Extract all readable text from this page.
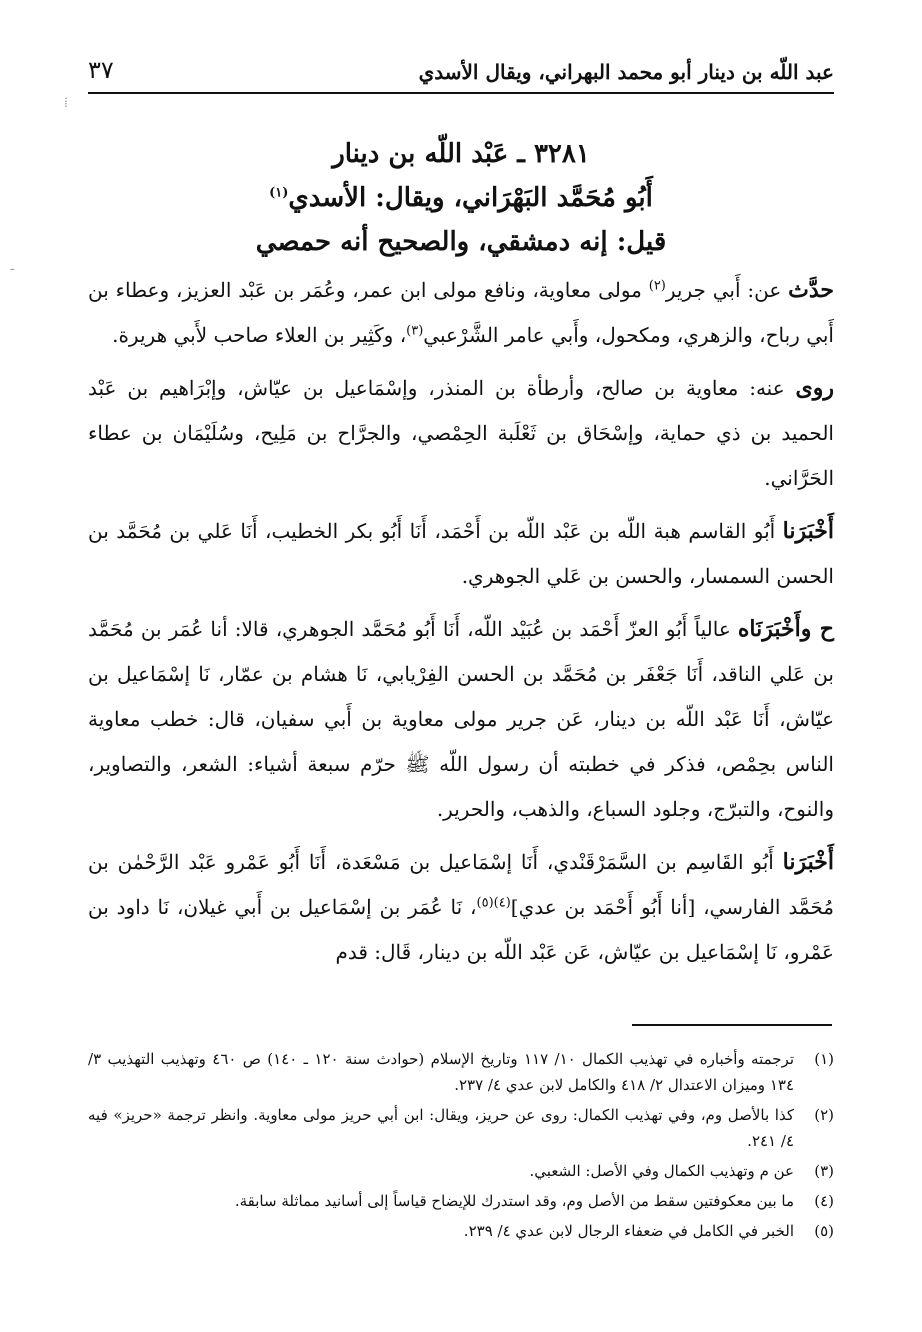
⁞
-
عبد اللّه بن دينار أبو محمد البهراني، ويقال الأسدي
٣٧
٣٢٨١ ـ عَبْد اللّه بن دينار
أَبُو مُحَمَّد البَهْرَاني، ويقال: الأسدي$^{(١)}$
قيل: إنه دمشقي، والصحيح أنه حمصي

حدَّث عن: أَبي جرير$^{(٢)}$ مولى معاوية، ونافع مولى ابن عمر، وعُمَر بن عَبْد العزيز، وعطاء بن أَبي رباح، والزهري، ومكحول، وأَبي عامر الشَّرْعبي$^{(٣)}$، وكَثِير بن العلاء صاحب لأَبي هريرة.

روى عنه: معاوية بن صالح، وأرطأة بن المنذر، وإسْمَاعيل بن عيّاش، وإبْرَاهيم بن عَبْد الحميد بن ذي حماية، وإسْحَاق بن ثَعْلَبة الحِمْصي، والجرَّاح بن مَلِيح، وسُلَيْمَان بن عطاء الحَرَّاني.

أَخْبَرَنا أَبُو القاسم هبة اللّه بن عَبْد اللّه بن أَحْمَد، أَنَا أَبُو بكر الخطيب، أَنَا عَلي بن مُحَمَّد بن الحسن السمسار، والحسن بن عَلي الجوهري.

ح وأَخْبَرَنَاه عالياً أَبُو العزّ أَحْمَد بن عُبَيْد اللّه، أَنَا أَبُو مُحَمَّد الجوهري، قالا: أنا عُمَر بن مُحَمَّد بن عَلي الناقد، أَنَا جَعْفَر بن مُحَمَّد بن الحسن الفِرْيابي، نَا هشام بن عمّار، نَا إسْمَاعيل بن عيّاش، أَنَا عَبْد اللّه بن دينار، عَن جرير مولى معاوية بن أَبي سفيان، قال: خطب معاوية الناس بحِمْص، فذكر في خطبته أن رسول اللّه ﷺ حرّم سبعة أشياء: الشعر، والتصاوير، والنوح، والتبرّج، وجلود السباع، والذهب، والحرير.

أَخْبَرَنا أَبُو القَاسِم بن السَّمَرْقَنْدي، أَنَا إسْمَاعيل بن مَسْعَدة، أَنَا أَبُو عَمْرو عَبْد الرَّحْمٰن بن مُحَمَّد الفارسي، [أنا أَبُو أَحْمَد بن عدي]$^{(٤)(٥)}$، نَا عُمَر بن إسْمَاعيل بن أَبي غيلان، نَا داود بن عَمْرو، نَا إسْمَاعيل بن عيّاش، عَن عَبْد اللّه بن دينار، قَال: قدم

(١)
ترجمته وأخباره في تهذيب الكمال ١٠/ ١١٧ وتاريخ الإسلام (حوادث سنة ١٢٠ ـ ١٤٠) ص ٤٦٠ وتهذيب التهذيب ٣/ ١٣٤ وميزان الاعتدال ٢/ ٤١٨ والكامل لابن عدي ٤/ ٢٣٧.
(٢)
كذا بالأصل وم، وفي تهذيب الكمال: روى عن حريز، ويقال: ابن أبي حريز مولى معاوية. وانظر ترجمة «حريز» فيه ٤/ ٢٤١.
(٣)
عن م وتهذيب الكمال وفي الأصل: الشعبي.
(٤)
ما بين معكوفتين سقط من الأصل وم، وقد استدرك للإيضاح قياساً إلى أسانيد مماثلة سابقة.
(٥)
الخبر في الكامل في ضعفاء الرجال لابن عدي ٤/ ٢٣٩.
